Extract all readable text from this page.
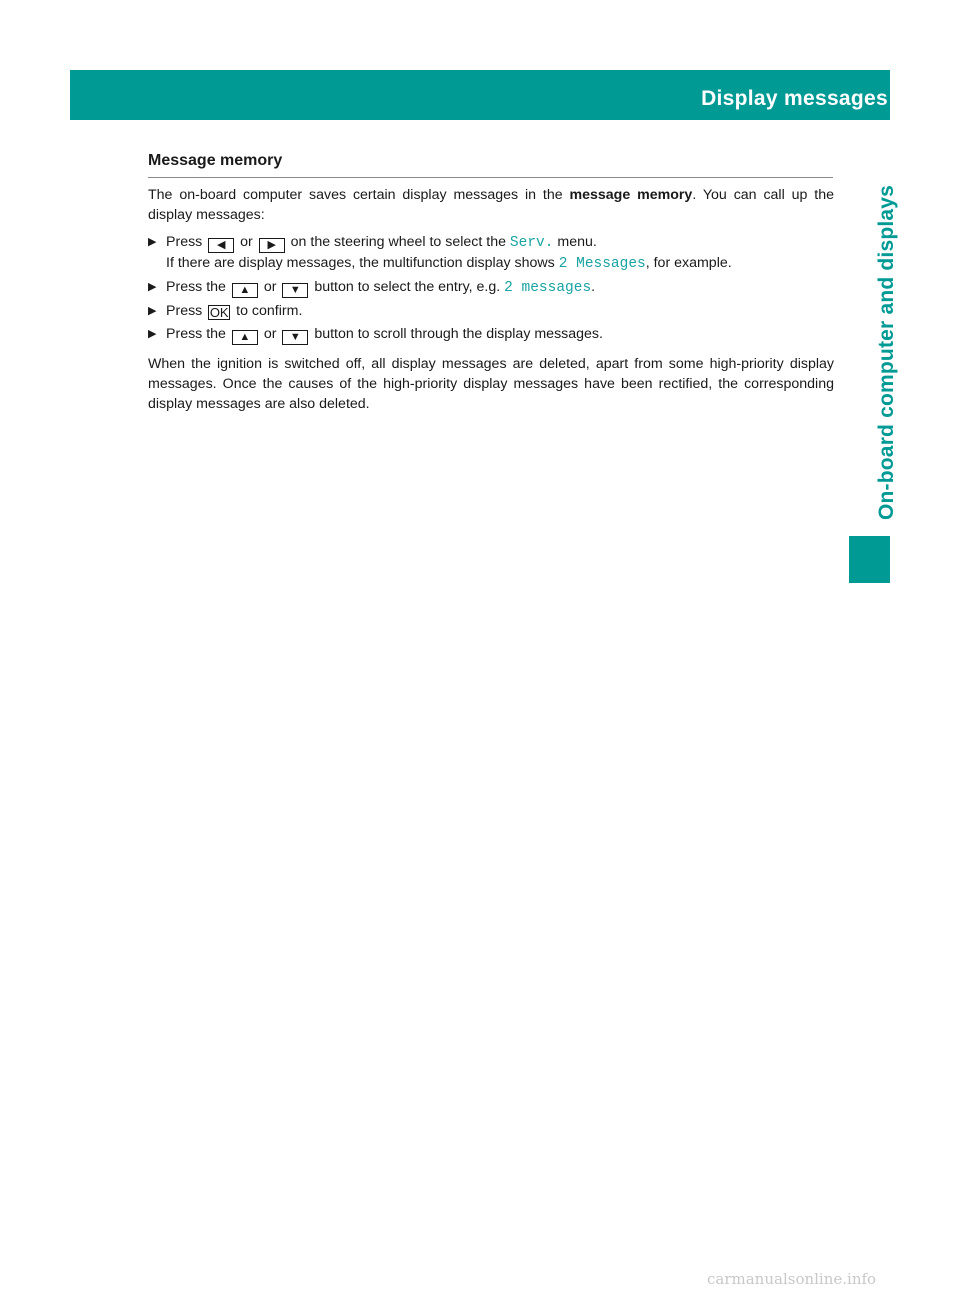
Display messages	221
On-board computer and displays
Message memory

The on-board computer saves certain display messages in the message memory. You can call up the display messages:

▶ Press ◀ or ▶ on the steering wheel to select the Serv. menu.
If there are display messages, the multifunction display shows 2 Messages, for example.
▶ Press the ▲ or ▼ button to select the entry, e.g. 2 messages.
▶ Press OK to confirm.
▶ Press the ▲ or ▼ button to scroll through the display messages.

When the ignition is switched off, all display messages are deleted, apart from some high-priority display messages. Once the causes of the high-priority display messages have been rectified, the corresponding display messages are also deleted.

carmanualsonline.info
